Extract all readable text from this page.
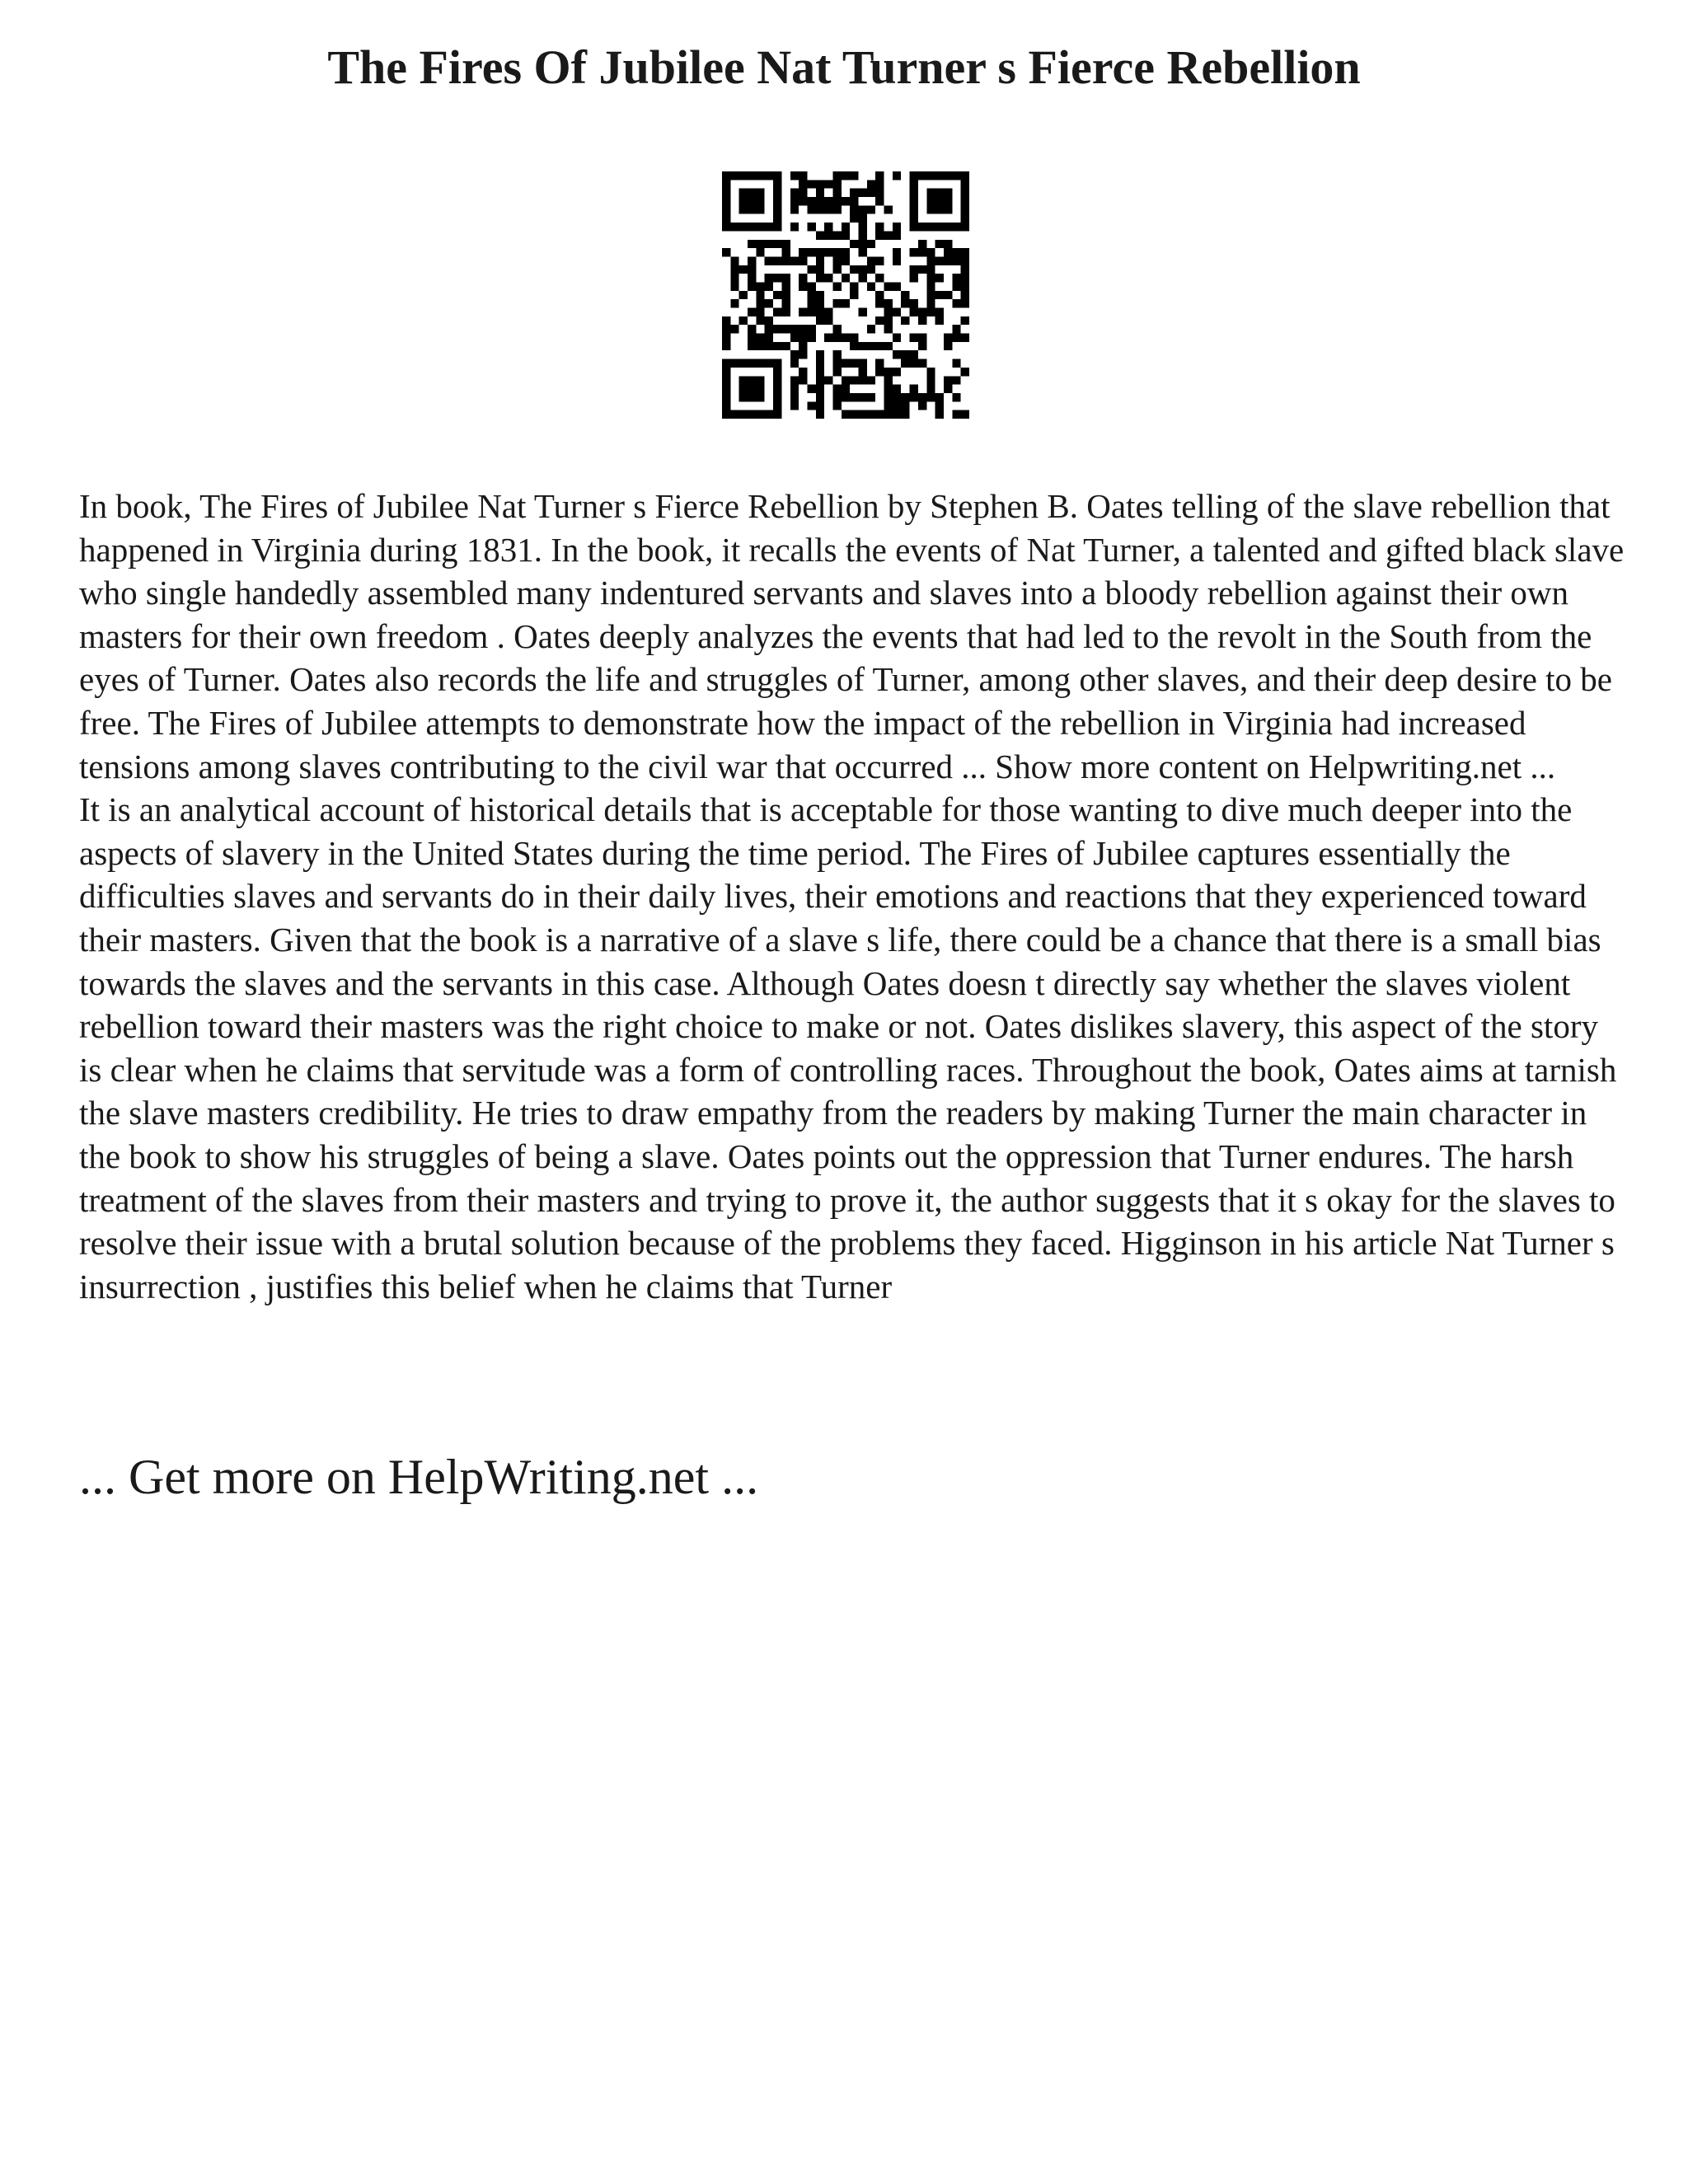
The Fires Of Jubilee Nat Turner s Fierce Rebellion

In book, The Fires of Jubilee Nat Turner s Fierce Rebellion by Stephen B. Oates telling of the slave rebellion that happened in Virginia during 1831. In the book, it recalls the events of Nat Turner, a talented and gifted black slave who single handedly assembled many indentured servants and slaves into a bloody rebellion against their own masters for their own freedom . Oates deeply analyzes the events that had led to the revolt in the South from the eyes of Turner. Oates also records the life and struggles of Turner, among other slaves, and their deep desire to be free. The Fires of Jubilee attempts to demonstrate how the impact of the rebellion in Virginia had increased tensions among slaves contributing to the civil war that occurred ... Show more content on Helpwriting.net ...

It is an analytical account of historical details that is acceptable for those wanting to dive much deeper into the aspects of slavery in the United States during the time period. The Fires of Jubilee captures essentially the difficulties slaves and servants do in their daily lives, their emotions and reactions that they experienced toward their masters. Given that the book is a narrative of a slave s life, there could be a chance that there is a small bias towards the slaves and the servants in this case. Although Oates doesn t directly say whether the slaves violent rebellion toward their masters was the right choice to make or not. Oates dislikes slavery, this aspect of the story is clear when he claims that servitude was a form of controlling races. Throughout the book, Oates aims at tarnish the slave masters credibility. He tries to draw empathy from the readers by making Turner the main character in the book to show his struggles of being a slave. Oates points out the oppression that Turner endures. The harsh treatment of the slaves from their masters and trying to prove it, the author suggests that it s okay for the slaves to resolve their issue with a brutal solution because of the problems they faced. Higginson in his article Nat Turner s insurrection , justifies this belief when he claims that Turner

... Get more on HelpWriting.net ...
